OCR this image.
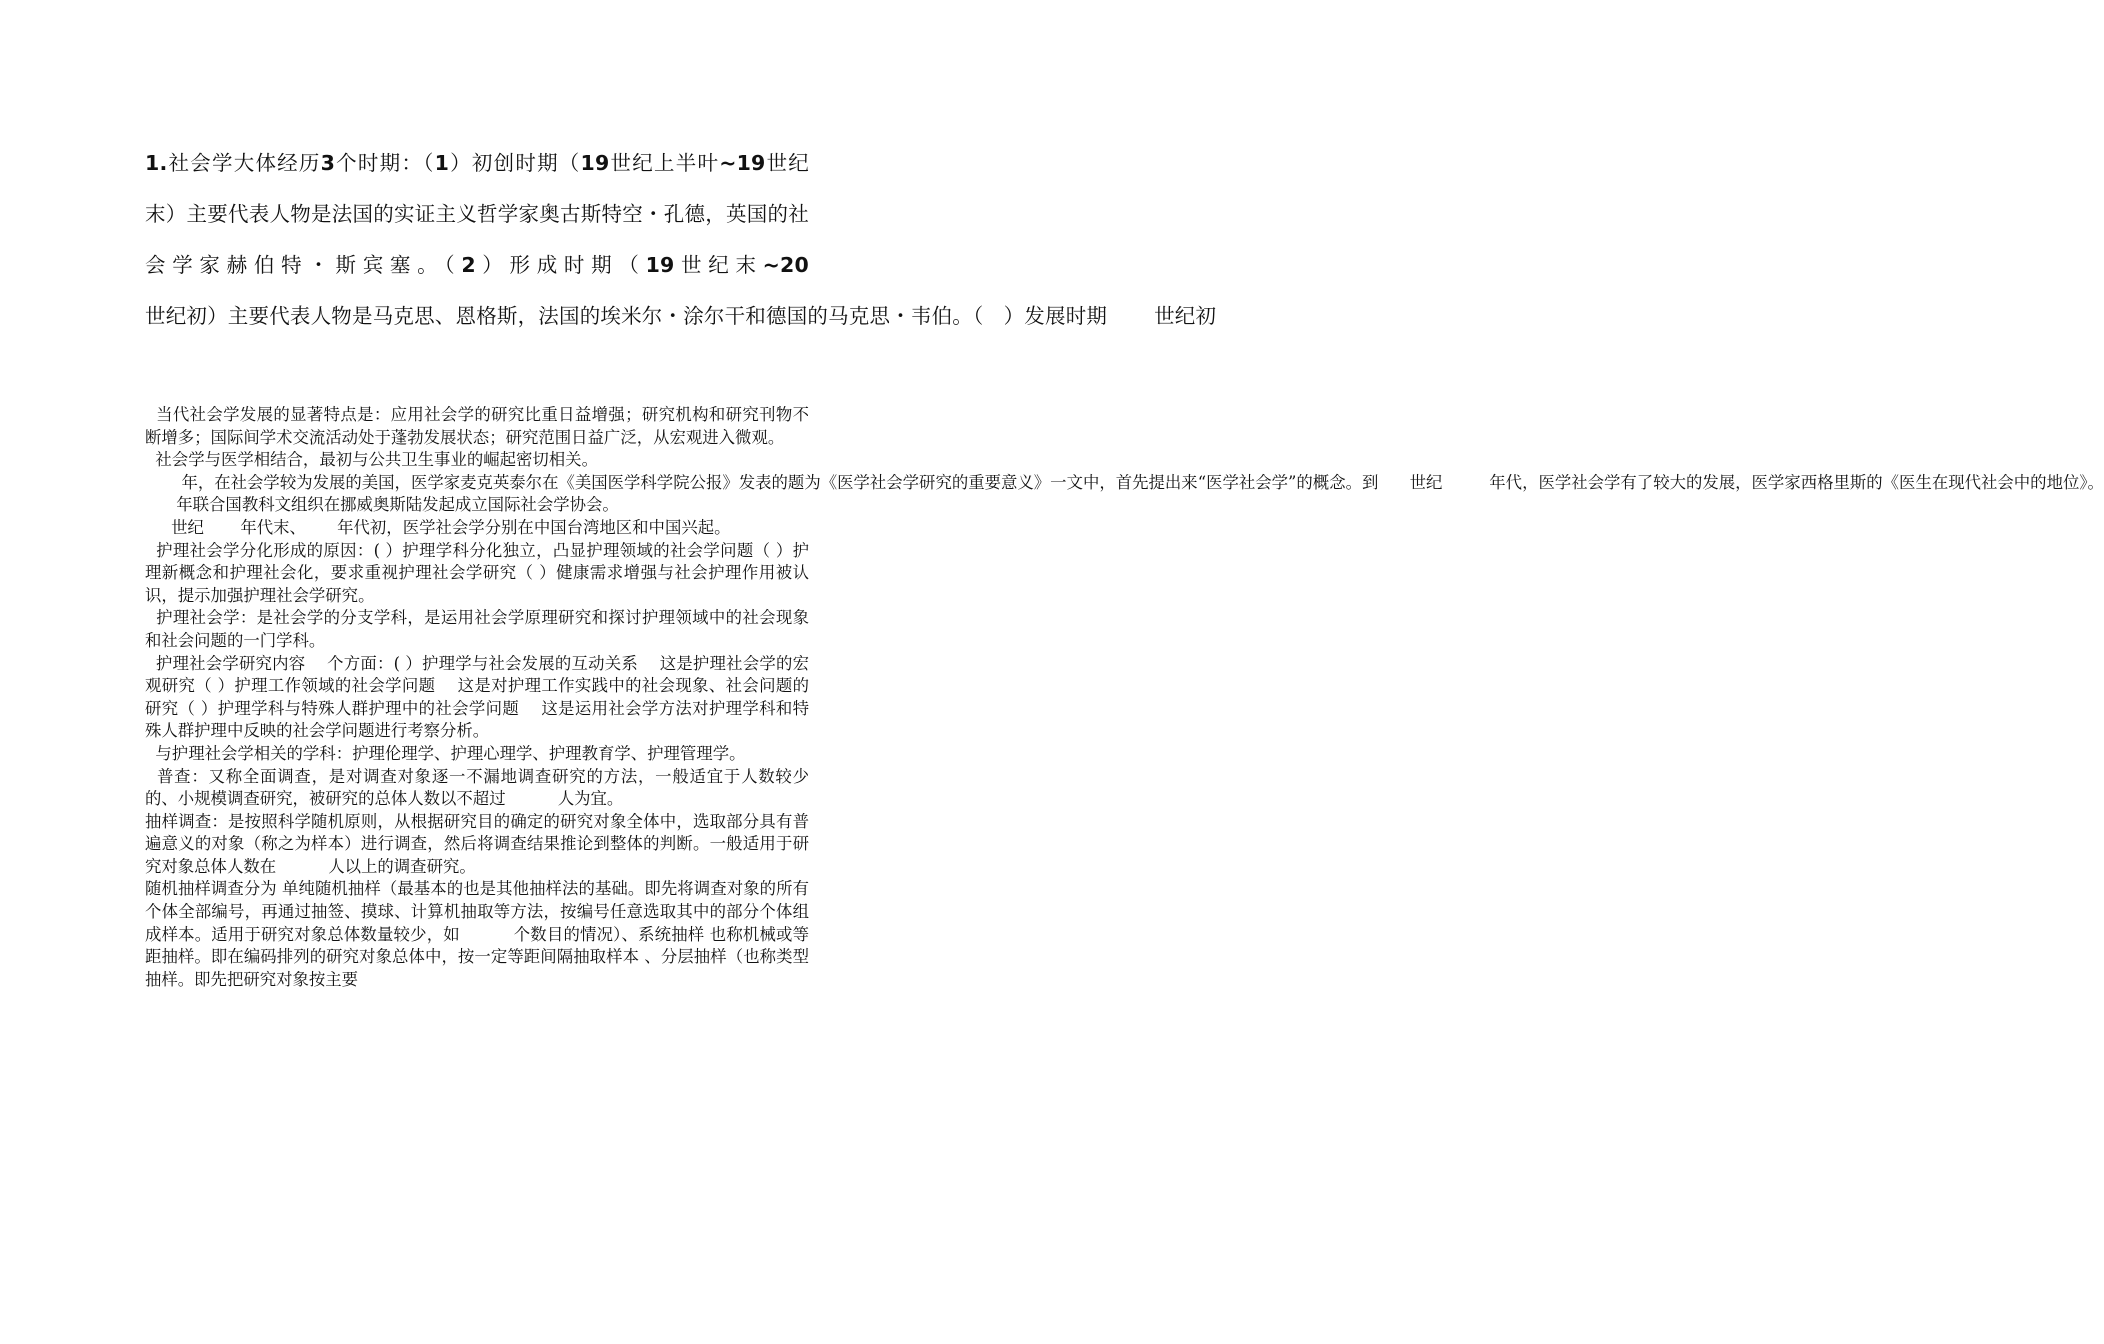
1.社会学大体经历3个时期：（1）初创时期（19世纪上半叶~19世纪末）主要代表人物是法国的实证主义哲学家奥古斯特空・孔德，英国的社会学家赫伯特・斯宾塞。（2）形成时期（19世纪末~20世纪初）主要代表人物是马克思、恩格斯，法国的埃米尔・涂尔干和德国的马克思・韦伯。（   ）发展时期       世纪初

当代社会学发展的显著特点是：应用社会学的研究比重日益增强；研究机构和研究刊物不断增多；国际间学术交流活动处于蓬勃发展状态；研究范围日益广泛，从宏观进入微观。

社会学与医学相结合，最初与公共卫生事业的崛起密切相关。

年，在社会学较为发展的美国，医学家麦克英泰尔在《美国医学科学院公报》发表的题为《医学社会学研究的重要意义》一文中，首先提出来“医学社会学”的概念。到      世纪         年代，医学社会学有了较大的发展，医学家西格里斯的《医生在现代社会中的地位》。

年联合国教科文组织在挪威奥斯陆发起成立国际社会学协会。

世纪       年代末、      年代初，医学社会学分别在中国台湾地区和中国兴起。

护理社会学分化形成的原因：( ）护理学科分化独立，凸显护理领域的社会学问题（ ）护理新概念和护理社会化，要求重视护理社会学研究（ ）健康需求增强与社会护理作用被认识，提示加强护理社会学研究。

护理社会学：是社会学的分支学科，是运用社会学原理研究和探讨护理领域中的社会现象和社会问题的一门学科。

护理社会学研究内容    个方面：( ）护理学与社会发展的互动关系    这是护理社会学的宏观研究（ ）护理工作领域的社会学问题    这是对护理工作实践中的社会现象、社会问题的研究（ ）护理学科与特殊人群护理中的社会学问题    这是运用社会学方法对护理学科和特殊人群护理中反映的社会学问题进行考察分析。

与护理社会学相关的学科：护理伦理学、护理心理学、护理教育学、护理管理学。

普查：又称全面调查，是对调查对象逐一不漏地调查研究的方法，一般适宜于人数较少的、小规模调查研究，被研究的总体人数以不超过          人为宜。

抽样调查：是按照科学随机原则，从根据研究目的确定的研究对象全体中，选取部分具有普遍意义的对象（称之为样本）进行调查，然后将调查结果推论到整体的判断。一般适用于研究对象总体人数在          人以上的调查研究。

随机抽样调查分为 单纯随机抽样（最基本的也是其他抽样法的基础。即先将调查对象的所有个体全部编号，再通过抽签、摸球、计算机抽取等方法，按编号任意选取其中的部分个体组成样本。适用于研究对象总体数量较少，如          个数目的情况）、系统抽样 也称机械或等距抽样。即在编码排列的研究对象总体中，按一定等距间隔抽取样本 、分层抽样（也称类型抽样。即先把研究对象按主要
